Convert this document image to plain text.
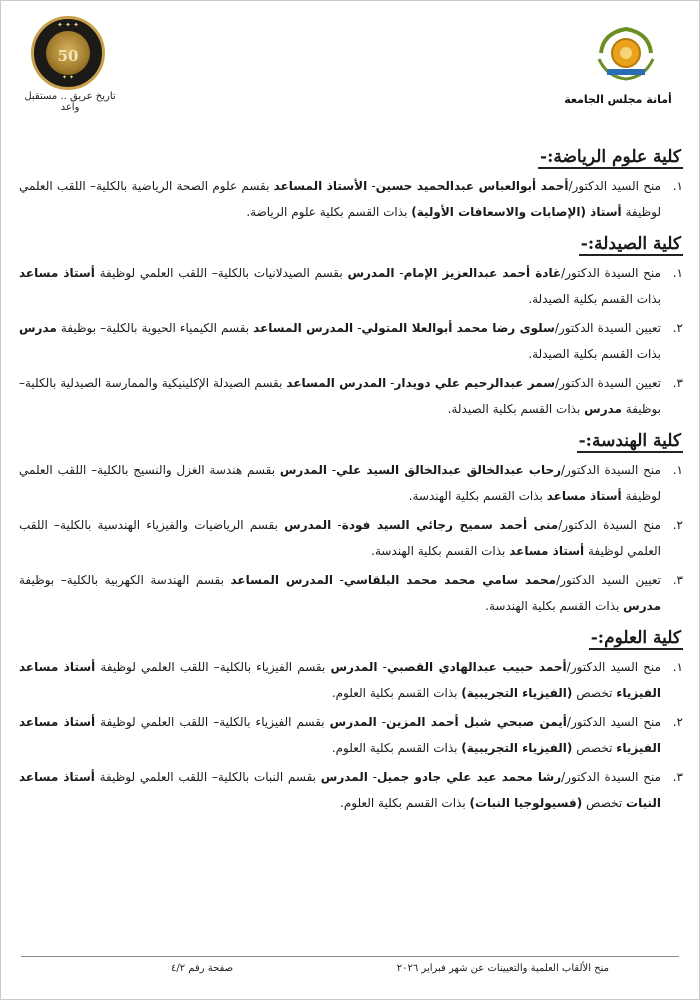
✦ ✦ ✦
50
✦ ✦
تاريخ عريق .. مستقبل واعد
أمانة مجلس الجامعة
كلية علوم الرياضة:-
١.
منح السيد الدكتور/أحمد أبوالعباس عبدالحميد حسين- الأستاذ المساعد بقسم علوم الصحة الرياضية بالكلية– اللقب العلمي لوظيفة أستاذ (الإصابات والاسعافات الأولية) بذات القسم بكلية علوم الرياضة.
كلية الصيدلة:-
١.
منح السيدة الدكتور/غادة أحمد عبدالعزيز الإمام- المدرس بقسم الصيدلانيات بالكلية– اللقب العلمي لوظيفة أستاذ مساعد بذات القسم بكلية الصيدلة.
٢.
تعيين السيدة الدكتور/سلوى رضا محمد أبوالعلا المتولي- المدرس المساعد بقسم الكيمياء الحيوية بالكلية– بوظيفة مدرس بذات القسم بكلية الصيدلة.
٣.
تعيين السيدة الدكتور/سمر عبدالرحيم علي دويدار- المدرس المساعد بقسم الصيدلة الإكلينيكية والممارسة الصيدلية بالكلية– بوظيفة مدرس بذات القسم بكلية الصيدلة.
كلية الهندسة:-
١.
منح السيدة الدكتور/رحاب عبدالخالق عبدالخالق السيد علي- المدرس بقسم هندسة الغزل والنسيج بالكلية– اللقب العلمي لوظيفة أستاذ مساعد بذات القسم بكلية الهندسة.
٢.
منح السيدة الدكتور/منى أحمد سميح رجائي السيد فودة- المدرس بقسم الرياضيات والفيزياء الهندسية بالكلية– اللقب العلمي لوظيفة أستاذ مساعد بذات القسم بكلية الهندسة.
٣.
تعيين السيد الدكتور/محمد سامي محمد محمد البلقاسي- المدرس المساعد بقسم الهندسة الكهربية بالكلية– بوظيفة مدرس بذات القسم بكلية الهندسة.
كلية العلوم:-
١.
منح السيد الدكتور/أحمد حبيب عبدالهادي القصبي- المدرس بقسم الفيزياء بالكلية– اللقب العلمي لوظيفة أستاذ مساعد الفيزياء تخصص (الفيزياء التجريبية) بذات القسم بكلية العلوم.
٢.
منح السيد الدكتور/أيمن صبحي شبل أحمد المزين- المدرس بقسم الفيزياء بالكلية– اللقب العلمي لوظيفة أستاذ مساعد الفيزياء تخصص (الفيزياء التجريبية) بذات القسم بكلية العلوم.
٣.
منح السيدة الدكتور/رشا محمد عيد علي جادو جميل- المدرس بقسم النبات بالكلية– اللقب العلمي لوظيفة أستاذ مساعد النبات تخصص (فسيولوجيا النبات) بذات القسم بكلية العلوم.
منح الألقاب العلمية والتعيينات عن شهر فبراير ٢٠٢٦
صفحة رقم ٤/٢
